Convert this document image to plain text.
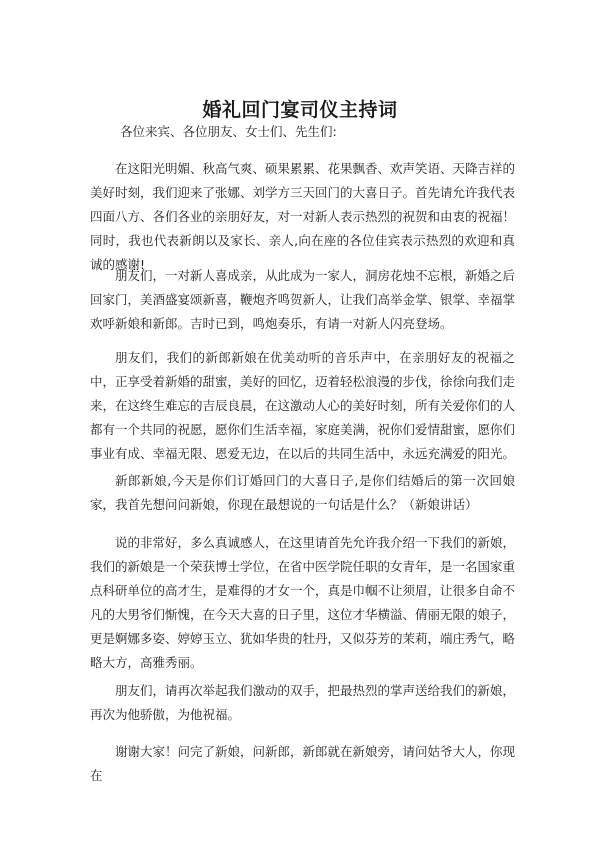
婚礼回门宴司仪主持词
各位来宾、各位朋友、女士们、先生们:

在这阳光明媚、秋高气爽、硕果累累、花果飘香、欢声笑语、天降吉祥的美好时刻，我们迎来了张娜、刘学方三天回门的大喜日子。首先请允许我代表四面八方、各们各业的亲朋好友，对一对新人表示热烈的祝贺和由衷的祝福！同时，我也代表新朗以及家长、亲人,向在座的各位佳宾表示热烈的欢迎和真诚的感谢!

朋友们，一对新人喜成亲，从此成为一家人，洞房花烛不忘根，新婚之后回家门，美酒盛宴颂新喜，鞭炮齐鸣贺新人，让我们高举金掌、银掌、幸福掌欢呼新娘和新郎。吉时已到，鸣炮奏乐，有请一对新人闪亮登场。

朋友们，我们的新郎新娘在优美动听的音乐声中，在亲朋好友的祝福之中，正享受着新婚的甜蜜，美好的回忆，迈着轻松浪漫的步伐，徐徐向我们走来，在这终生难忘的吉辰良晨，在这激动人心的美好时刻，所有关爱你们的人都有一个共同的祝愿，愿你们生活幸福，家庭美满，祝你们爱情甜蜜，愿你们事业有成、幸福无限、恩爱无边，在以后的共同生活中，永远充满爱的阳光。

新郎新娘,今天是你们订婚回门的大喜日子,是你们结婚后的第一次回娘家，我首先想问问新娘，你现在最想说的一句话是什么？（新娘讲话）

说的非常好，多么真诚感人，在这里请首先允许我介绍一下我们的新娘，我们的新娘是一个荣获博士学位，在省中医学院任职的女青年，是一名国家重点科研单位的高才生，是难得的才女一个，真是巾帼不让须眉，让很多自命不凡的大男爷们惭愧，在今天大喜的日子里，这位才华横溢、倩丽无限的娘子，更是婀娜多姿、婷婷玉立、犹如华贵的牡丹，又似芬芳的茉莉，端庄秀气，略略大方，高雅秀丽。

朋友们，请再次举起我们激动的双手，把最热烈的掌声送给我们的新娘，再次为他骄傲，为他祝福。

谢谢大家！问完了新娘，问新郎，新郎就在新娘旁，请问姑爷大人，你现在
